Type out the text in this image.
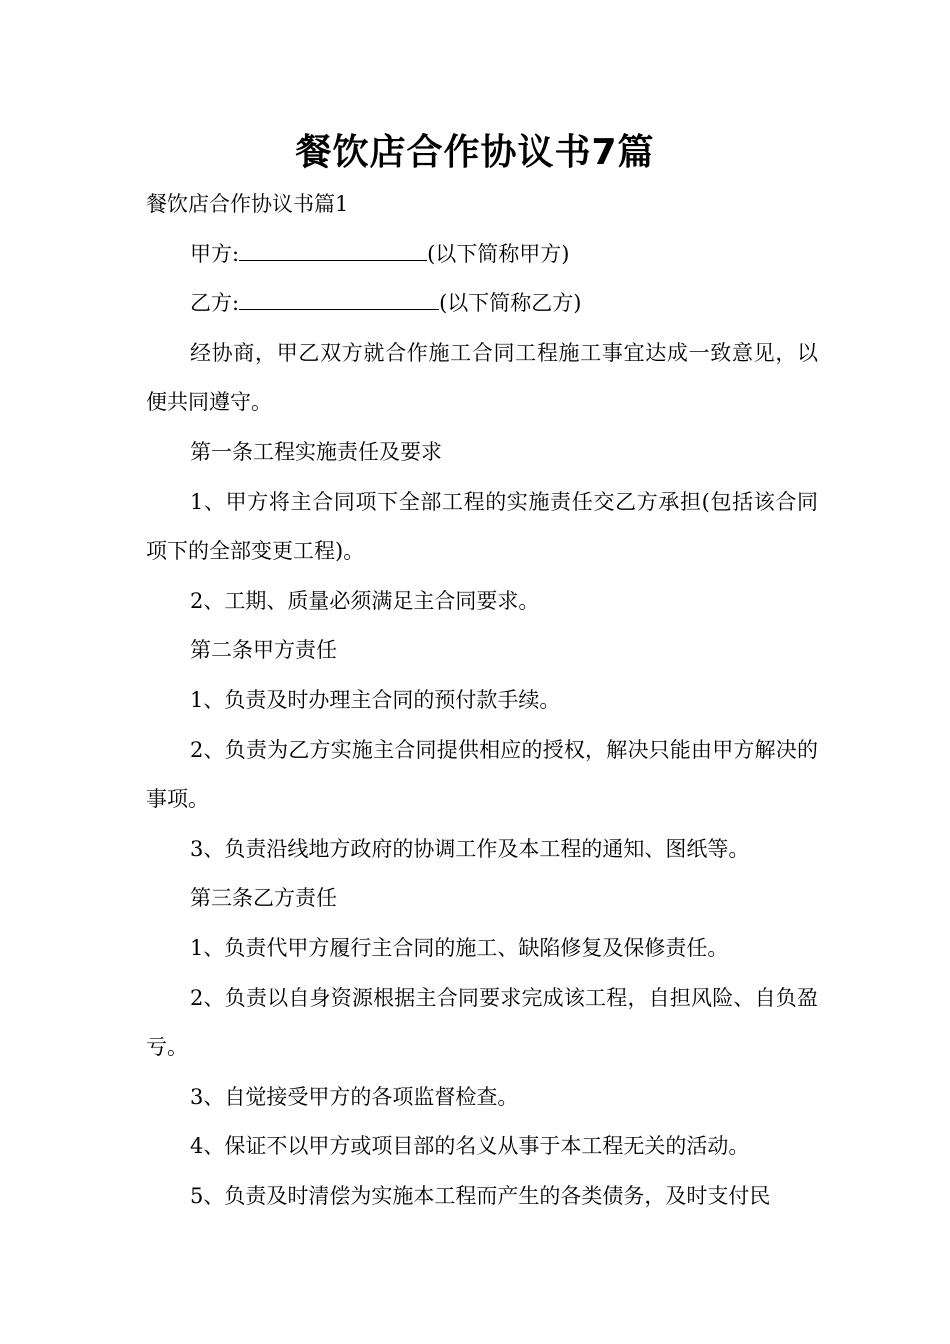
餐饮店合作协议书7篇

餐饮店合作协议书篇1

甲方:	(以下简称甲方)

乙方:	(以下简称乙方)

经协商，甲乙双方就合作施工合同工程施工事宜达成一致意见，以便共同遵守。

第一条工程实施责任及要求

1、甲方将主合同项下全部工程的实施责任交乙方承担(包括该合同项下的全部变更工程)。

2、工期、质量必须满足主合同要求。

第二条甲方责任

1、负责及时办理主合同的预付款手续。

2、负责为乙方实施主合同提供相应的授权，解决只能由甲方解决的事项。

3、负责沿线地方政府的协调工作及本工程的通知、图纸等。

第三条乙方责任

1、负责代甲方履行主合同的施工、缺陷修复及保修责任。

2、负责以自身资源根据主合同要求完成该工程，自担风险、自负盈亏。

3、自觉接受甲方的各项监督检查。

4、保证不以甲方或项目部的名义从事于本工程无关的活动。

5、负责及时清偿为实施本工程而产生的各类债务，及时支付民
